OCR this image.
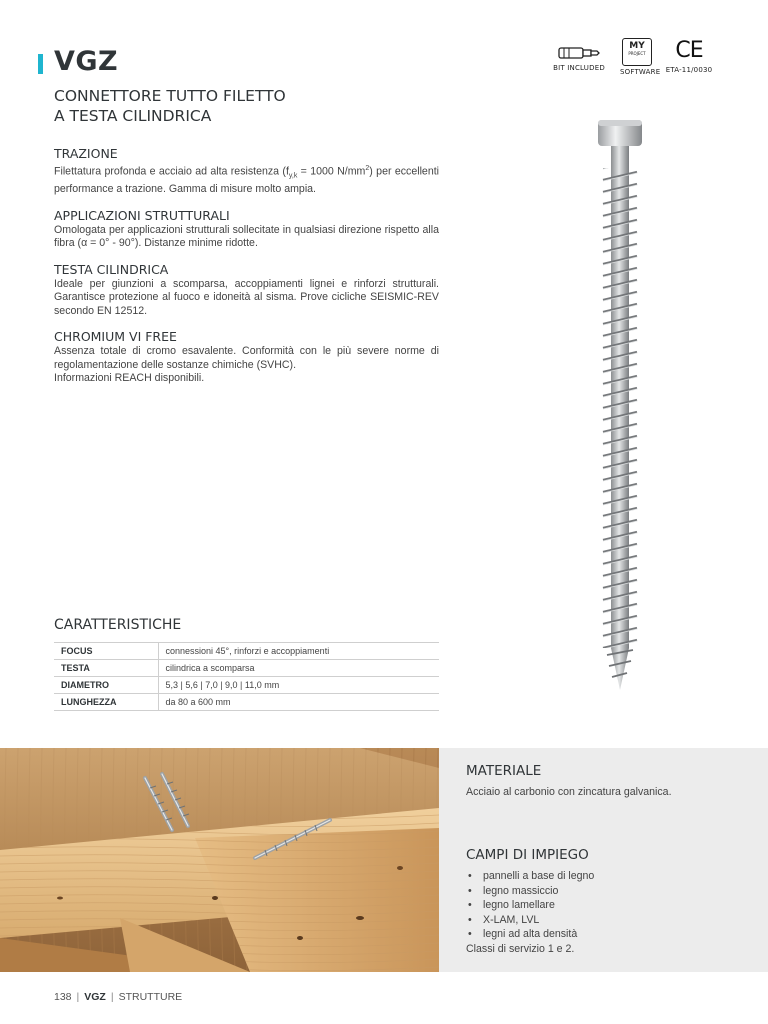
VGZ
CONNETTORE TUTTO FILETTO
A TESTA CILINDRICA
BIT INCLUDED
MY
PROJECT
SOFTWARE
CE
ETA-11/0030
TRAZIONE

Filettatura profonda e acciaio ad alta resistenza ($f_{y,k} = 1000$ $N/mm^2$) per eccellenti performance a trazione. Gamma di misure molto ampia.

APPLICAZIONI STRUTTURALI

Omologata per applicazioni strutturali sollecitate in qualsiasi direzione rispetto alla fibra (α = 0° - 90°). Distanze minime ridotte.

TESTA CILINDRICA

Ideale per giunzioni a scomparsa, accoppiamenti lignei e rinforzi strutturali. Garantisce protezione al fuoco e idoneità al sisma. Prove cicliche SEISMIC-REV secondo EN 12512.

CHROMIUM VI FREE

Assenza totale di cromo esavalente. Conformità con le più severe norme di regolamentazione delle sostanze chimiche (SVHC).
Informazioni REACH disponibili.

CARATTERISTICHE
FOCUS	connessioni 45°, rinforzi e accoppiamenti
TESTA	cilindrica a scomparsa
DIAMETRO	5,3 | 5,6 | 7,0 | 9,0 | 11,0 mm
LUNGHEZZA	da 80 a 600 mm
MATERIALE
Acciaio al carbonio con zincatura galvanica.
CAMPI DI IMPIEGO
• pannelli a base di legno
• legno massiccio
• legno lamellare
• X-LAM, LVL
• legni ad alta densità
Classi di servizio 1 e 2.
138 | VGZ | STRUTTURE
